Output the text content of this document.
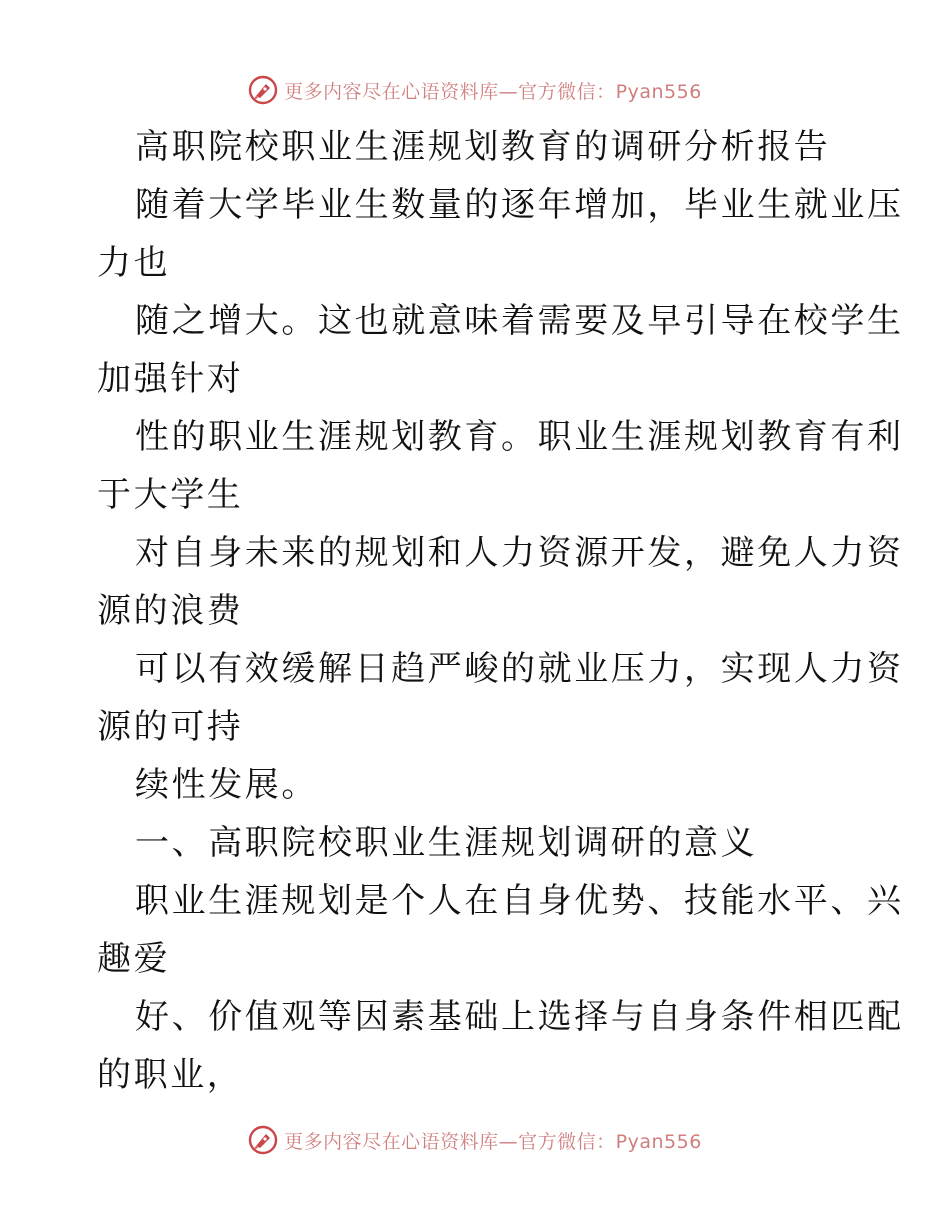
更多内容尽在心语资料库—官方微信：Pyan556
高职院校职业生涯规划教育的调研分析报告
随着大学毕业生数量的逐年增加，毕业生就业压
力也
随之增大。这也就意味着需要及早引导在校学生
加强针对
性的职业生涯规划教育。职业生涯规划教育有利
于大学生
对自身未来的规划和人力资源开发，避免人力资
源的浪费
可以有效缓解日趋严峻的就业压力，实现人力资
源的可持
续性发展。
一、高职院校职业生涯规划调研的意义
职业生涯规划是个人在自身优势、技能水平、兴
趣爱
好、价值观等因素基础上选择与自身条件相匹配
的职业，
更多内容尽在心语资料库—官方微信：Pyan556
